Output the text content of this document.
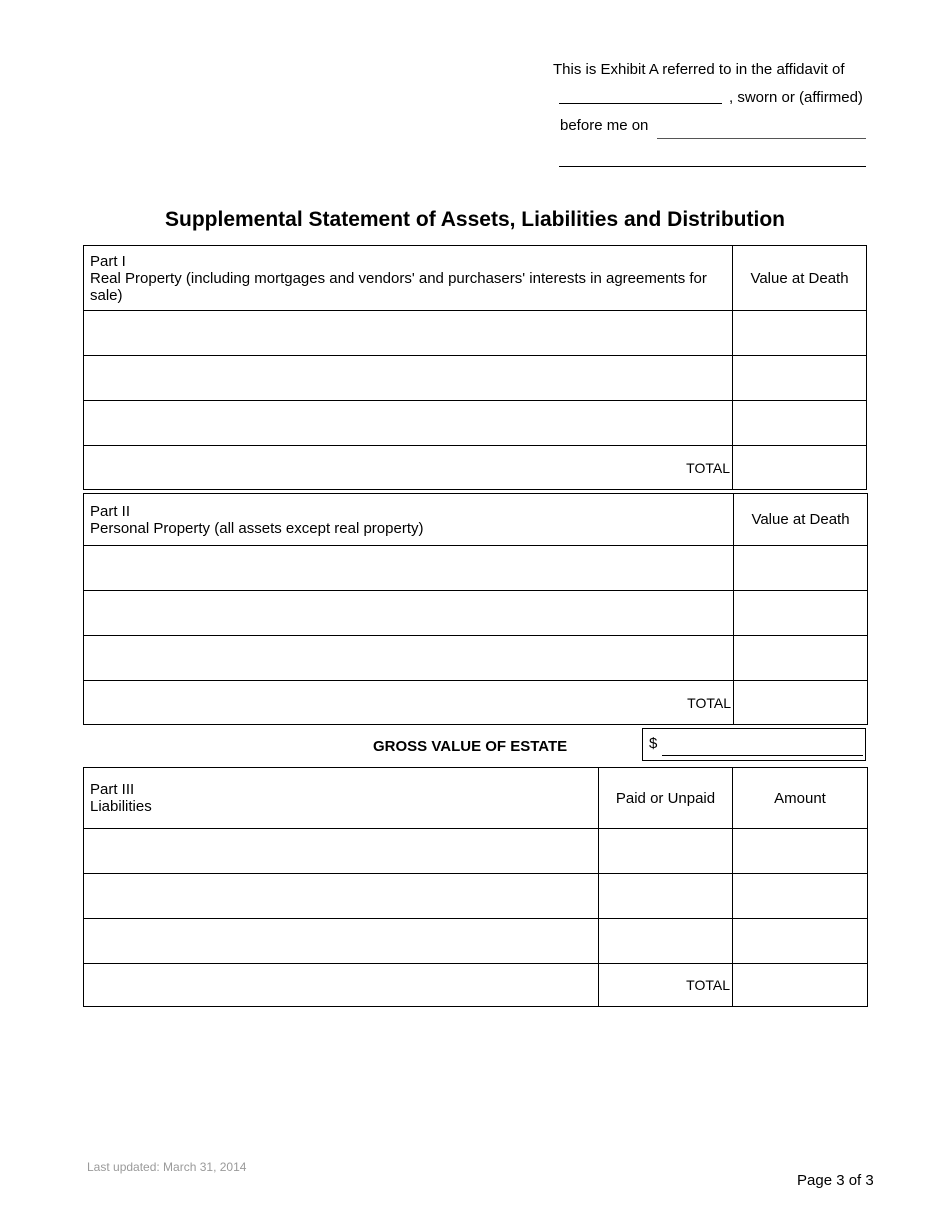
This is Exhibit A referred to in the affidavit of
, sworn or (affirmed)
before me on
Supplemental Statement of Assets, Liabilities and Distribution
Part I
Real Property (including mortgages and vendors' and purchasers' interests in agreements for sale)	Value at Death

TOTAL	
Part II
Personal Property (all assets except real property)	Value at Death

TOTAL	
GROSS VALUE OF ESTATE	$
Part III
Liabilities	Paid or Unpaid	Amount

	TOTAL	
Last updated: March 31, 2014
Page 3 of 3
